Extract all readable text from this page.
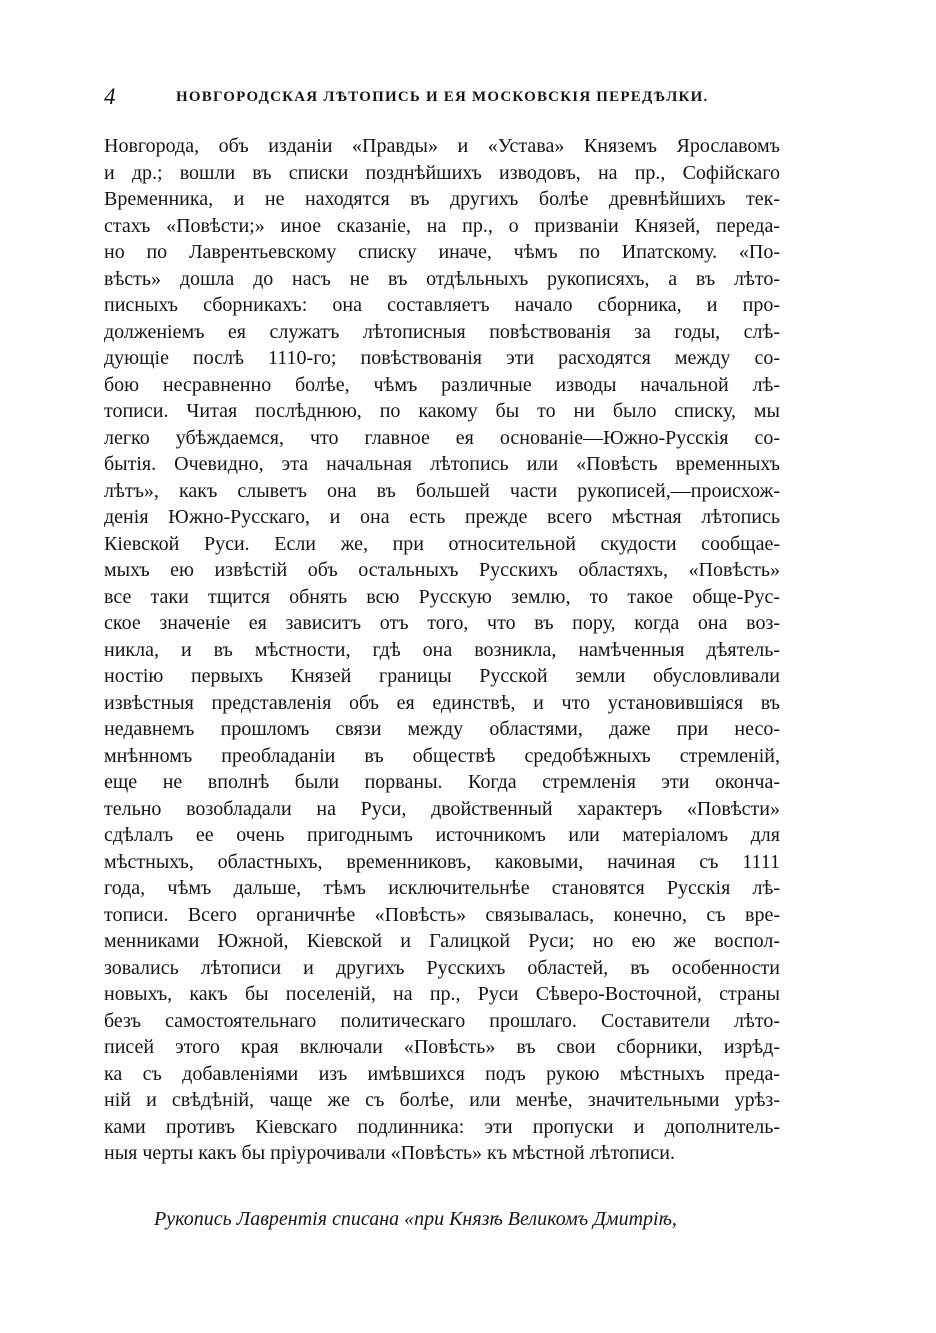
4	НОВГОРОДСКАЯ ЛѢТОПИСЬ И ЕЯ МОСКОВСКІЯ ПЕРЕДѢЛКИ.
Новгорода, объ изданіи «Правды» и «Устава» Княземъ Ярославомъ
и др.; вошли въ списки позднѣйшихъ изводовъ, на пр., Софійскаго
Временника, и не находятся въ другихъ болѣе древнѣйшихъ тек-
стахъ «Повѣсти;» иное сказаніе, на пр., о призваніи Князей, переда-
но по Лаврентьевскому списку иначе, чѣмъ по Ипатскому. «По-
вѣсть» дошла до насъ не въ отдѣльныхъ рукописяхъ, а въ лѣто-
писныхъ сборникахъ: она составляетъ начало сборника, и про-
долженіемъ ея служатъ лѣтописныя повѣствованія за годы, слѣ-
дующіе послѣ 1110-го; повѣствованія эти расходятся между со-
бою несравненно болѣе, чѣмъ различные изводы начальной лѣ-
тописи. Читая послѣднюю, по какому бы то ни было списку, мы
легко убѣждаемся, что главное ея основаніе—Южно-Русскія со-
бытія. Очевидно, эта начальная лѣтопись или «Повѣсть временныхъ
лѣтъ», какъ слыветъ она въ большей части рукописей,—происхож-
денія Южно-Русскаго, и она есть прежде всего мѣстная лѣтопись
Кіевской Руси. Если же, при относительной скудости сообщае-
мыхъ ею извѣстій объ остальныхъ Русскихъ областяхъ, «Повѣсть»
все таки тщится обнять всю Русскую землю, то такое обще-Рус-
ское значеніе ея зависитъ отъ того, что въ пору, когда она воз-
никла, и въ мѣстности, гдѣ она возникла, намѣченныя дѣятель-
ностію первыхъ Князей границы Русской земли обусловливали
извѣстныя представленія объ ея единствѣ, и что установившіяся въ
недавнемъ прошломъ связи между областями, даже при несо-
мнѣнномъ преобладаніи въ обществѣ средобѣжныхъ стремленій,
еще не вполнѣ были порваны. Когда стремленія эти оконча-
тельно возобладали на Руси, двойственный характеръ «Повѣсти»
сдѣлалъ ее очень пригоднымъ источникомъ или матеріаломъ для
мѣстныхъ, областныхъ, временниковъ, каковыми, начиная съ 1111
года, чѣмъ дальше, тѣмъ исключительнѣе становятся Русскія лѣ-
тописи. Всего органичнѣе «Повѣсть» связывалась, конечно, съ вре-
менниками Южной, Кіевской и Галицкой Руси; но ею же воспол-
зовались лѣтописи и другихъ Русскихъ областей, въ особенности
новыхъ, какъ бы поселеній, на пр., Руси Сѣверо-Восточной, страны
безъ самостоятельнаго политическаго прошлаго. Составители лѣто-
писей этого края включали «Повѣсть» въ свои сборники, изрѣд-
ка съ добавленіями изъ имѣвшихся подъ рукою мѣстныхъ преда-
ній и свѣдѣній, чаще же съ болѣе, или менѣе, значительными урѣз-
ками противъ Кіевскаго подлинника: эти пропуски и дополнитель-
ныя черты какъ бы пріурочивали «Повѣсть» къ мѣстной лѣтописи.
Рукопись Лаврентія списана «при Князѣ Великомъ Дмитріѣ,
